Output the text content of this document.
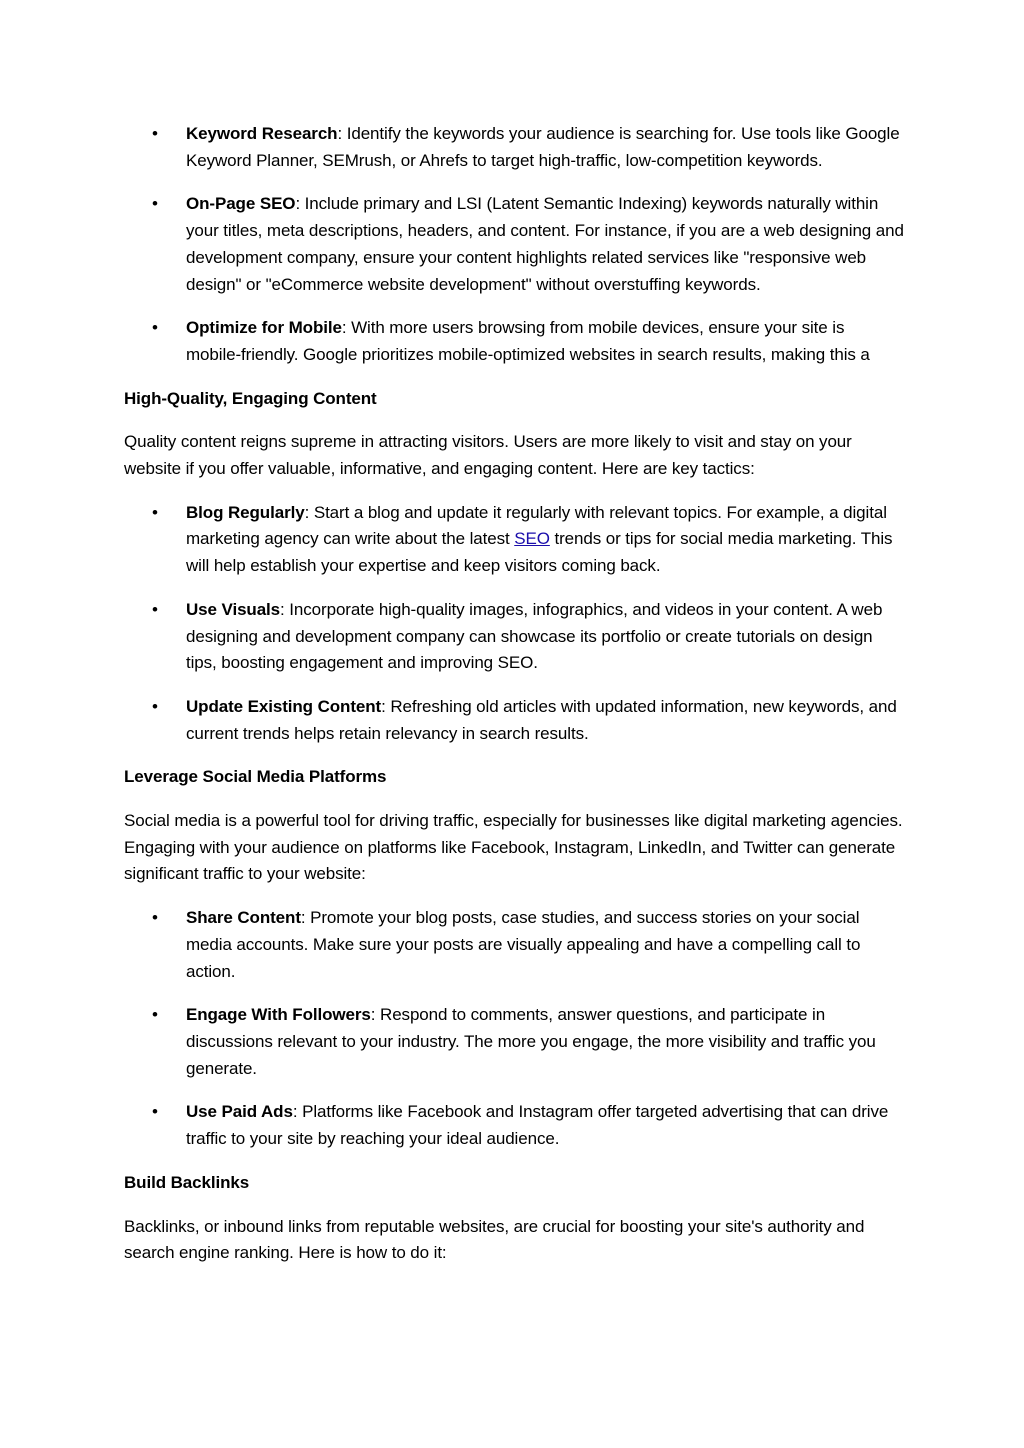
• Keyword Research: Identify the keywords your audience is searching for. Use tools like Google Keyword Planner, SEMrush, or Ahrefs to target high-traffic, low-competition keywords.
• On-Page SEO: Include primary and LSI (Latent Semantic Indexing) keywords naturally within your titles, meta descriptions, headers, and content. For instance, if you are a web designing and development company, ensure your content highlights related services like "responsive web design" or "eCommerce website development" without overstuffing keywords.
• Optimize for Mobile: With more users browsing from mobile devices, ensure your site is mobile-friendly. Google prioritizes mobile-optimized websites in search results, making this a
High-Quality, Engaging Content
Quality content reigns supreme in attracting visitors. Users are more likely to visit and stay on your website if you offer valuable, informative, and engaging content. Here are key tactics:
• Blog Regularly: Start a blog and update it regularly with relevant topics. For example, a digital marketing agency can write about the latest SEO trends or tips for social media marketing. This will help establish your expertise and keep visitors coming back.
• Use Visuals: Incorporate high-quality images, infographics, and videos in your content. A web designing and development company can showcase its portfolio or create tutorials on design tips, boosting engagement and improving SEO.
• Update Existing Content: Refreshing old articles with updated information, new keywords, and current trends helps retain relevancy in search results.
Leverage Social Media Platforms
Social media is a powerful tool for driving traffic, especially for businesses like digital marketing agencies. Engaging with your audience on platforms like Facebook, Instagram, LinkedIn, and Twitter can generate significant traffic to your website:
• Share Content: Promote your blog posts, case studies, and success stories on your social media accounts. Make sure your posts are visually appealing and have a compelling call to action.
• Engage With Followers: Respond to comments, answer questions, and participate in discussions relevant to your industry. The more you engage, the more visibility and traffic you generate.
• Use Paid Ads: Platforms like Facebook and Instagram offer targeted advertising that can drive traffic to your site by reaching your ideal audience.
Build Backlinks
Backlinks, or inbound links from reputable websites, are crucial for boosting your site's authority and search engine ranking. Here is how to do it:
